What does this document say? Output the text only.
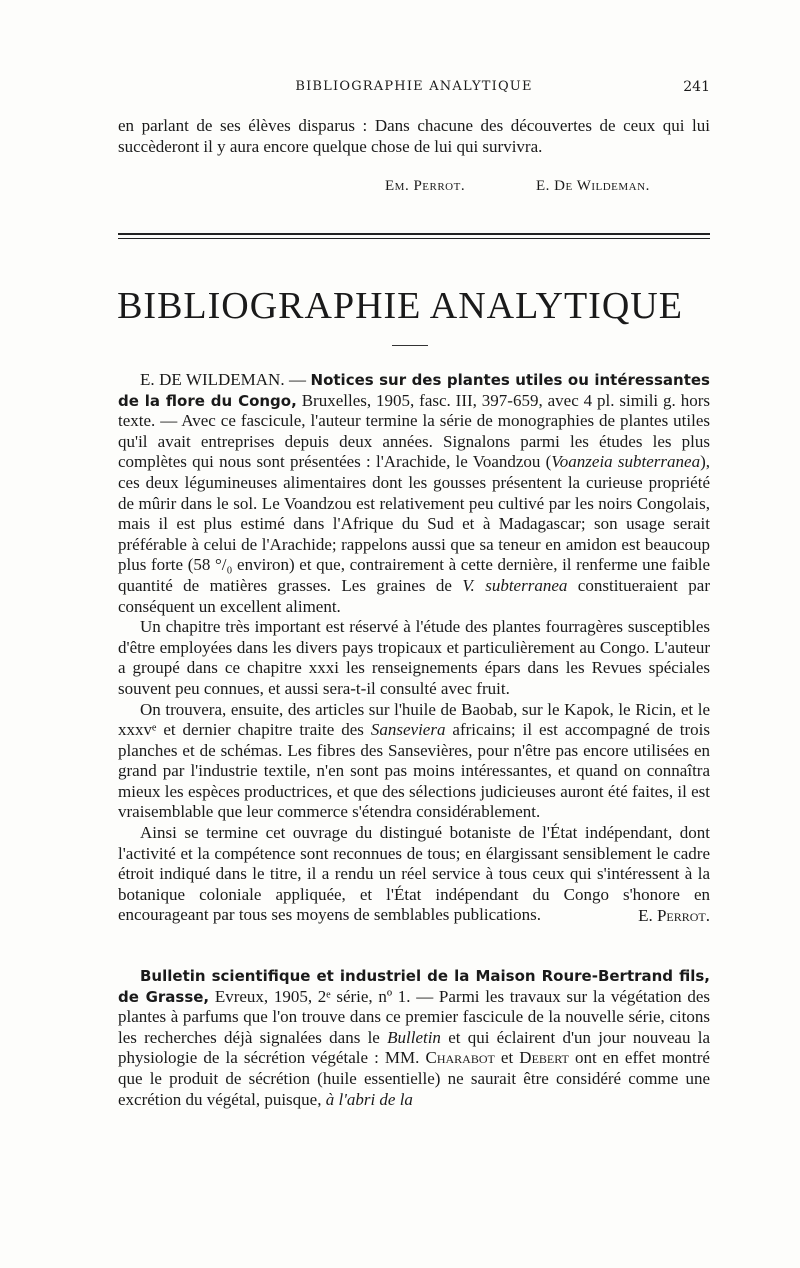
BIBLIOGRAPHIE ANALYTIQUE	241

en parlant de ses élèves disparus : Dans chacune des découvertes de ceux qui lui succèderont il y aura encore quelque chose de lui qui survivra.

Em. Perrot.	E. De Wildeman.
BIBLIOGRAPHIE ANALYTIQUE

E. DE WILDEMAN. — Notices sur des plantes utiles ou intéressantes de la flore du Congo, Bruxelles, 1905, fasc. III, 397-659, avec 4 pl. simili g. hors texte. — Avec ce fascicule, l'auteur termine la série de monographies de plantes utiles qu'il avait entreprises depuis deux années. Signalons parmi les études les plus complètes qui nous sont présentées : l'Arachide, le Voandzou (Voanzeia subterranea), ces deux légumineuses alimentaires dont les gousses présentent la curieuse propriété de mûrir dans le sol. Le Voandzou est relativement peu cultivé par les noirs Congolais, mais il est plus estimé dans l'Afrique du Sud et à Madagascar; son usage serait préférable à celui de l'Arachide; rappelons aussi que sa teneur en amidon est beaucoup plus forte (58 °/₀ environ) et que, contrairement à cette dernière, il renferme une faible quantité de matières grasses. Les graines de V. subterranea constitueraient par conséquent un excellent aliment.

Un chapitre très important est réservé à l'étude des plantes fourragères susceptibles d'être employées dans les divers pays tropicaux et particulièrement au Congo. L'auteur a groupé dans ce chapitre xxxi les renseignements épars dans les Revues spéciales souvent peu connues, et aussi sera-t-il consulté avec fruit.

On trouvera, ensuite, des articles sur l'huile de Baobab, sur le Kapok, le Ricin, et le xxxvᵉ et dernier chapitre traite des Sanseviera africains; il est accompagné de trois planches et de schémas. Les fibres des Sansevières, pour n'être pas encore utilisées en grand par l'industrie textile, n'en sont pas moins intéressantes, et quand on connaîtra mieux les espèces productrices, et que des sélections judicieuses auront été faites, il est vraisemblable que leur commerce s'étendra considérablement.

Ainsi se termine cet ouvrage du distingué botaniste de l'État indépendant, dont l'activité et la compétence sont reconnues de tous; en élargissant sensiblement le cadre étroit indiqué dans le titre, il a rendu un réel service à tous ceux qui s'intéressent à la botanique coloniale appliquée, et l'État indépendant du Congo s'honore en encourageant par tous ses moyens de semblables publications.	E. Perrot.

Bulletin scientifique et industriel de la Maison Roure-Bertrand fils, de Grasse, Evreux, 1905, 2ᵉ série, nº 1. — Parmi les travaux sur la végétation des plantes à parfums que l'on trouve dans ce premier fascicule de la nouvelle série, citons les recherches déjà signalées dans le Bulletin et qui éclairent d'un jour nouveau la physiologie de la sécrétion végétale : MM. Charabot et Debert ont en effet montré que le produit de sécrétion (huile essentielle) ne saurait être considéré comme une excrétion du végétal, puisque, à l'abri de la
